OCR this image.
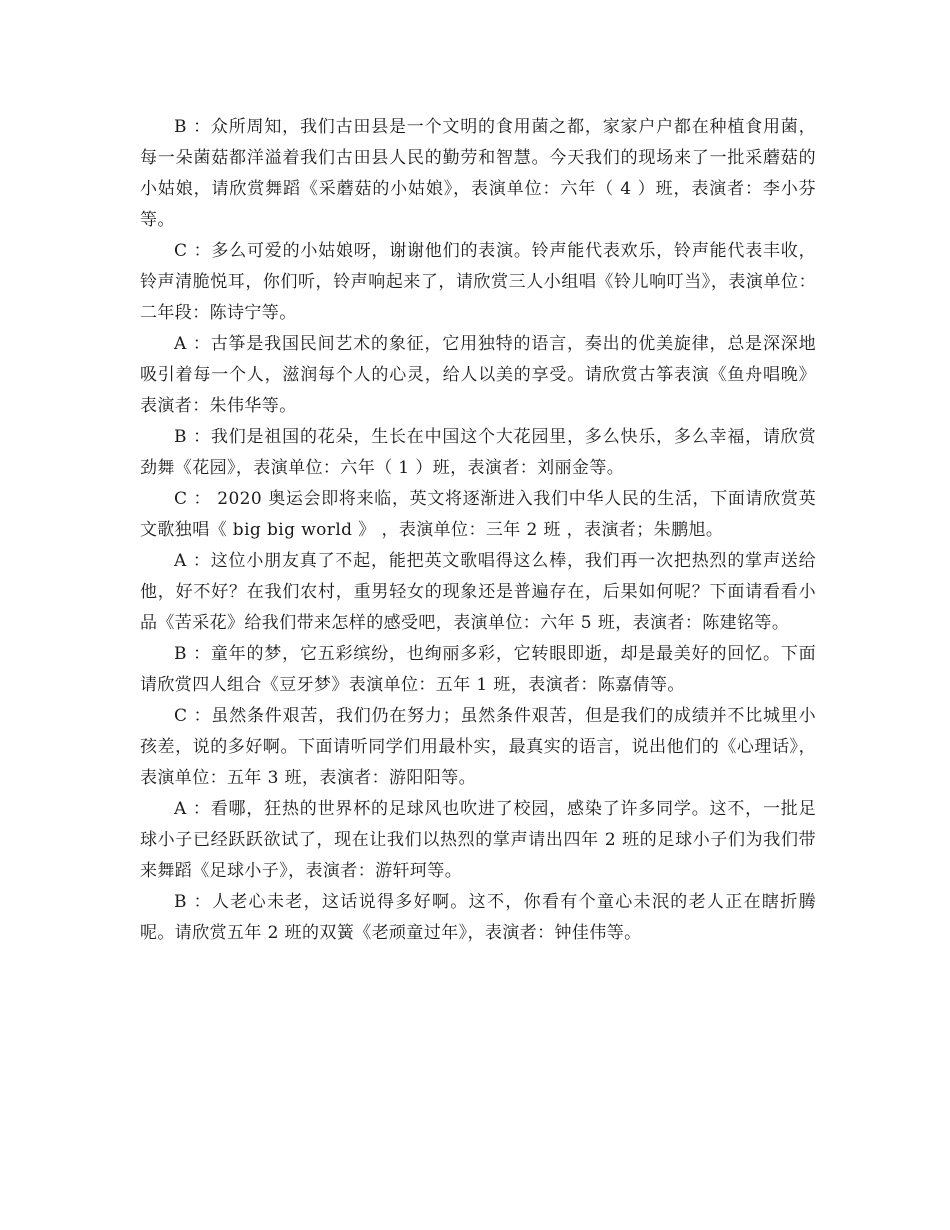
B ：众所周知，我们古田县是一个文明的食用菌之都，家家户户都在种植食用菌，每一朵菌菇都洋溢着我们古田县人民的勤劳和智慧。今天我们的现场来了一批采蘑菇的小姑娘，请欣赏舞蹈《采蘑菇的小姑娘》，表演单位：六年（ 4 ）班，表演者：李小芬等。

C ：多么可爱的小姑娘呀，谢谢他们的表演。铃声能代表欢乐，铃声能代表丰收，铃声清脆悦耳，你们听，铃声响起来了，请欣赏三人小组唱《铃儿响叮当》，表演单位：二年段：陈诗宁等。

A ：古筝是我国民间艺术的象征，它用独特的语言，奏出的优美旋律，总是深深地吸引着每一个人，滋润每个人的心灵，给人以美的享受。请欣赏古筝表演《鱼舟唱晚》 表演者：朱伟华等。

B ：我们是祖国的花朵，生长在中国这个大花园里，多么快乐，多么幸福，请欣赏劲舞《花园》，表演单位：六年（ 1 ）班，表演者：刘丽金等。

C ： 2020 奥运会即将来临，英文将逐渐进入我们中华人民的生活，下面请欣赏英文歌独唱《 big big world 》 ，表演单位：三年 2 班 ，表演者；朱鹏旭。

A ：这位小朋友真了不起，能把英文歌唱得这么棒，我们再一次把热烈的掌声送给他，好不好？在我们农村，重男轻女的现象还是普遍存在，后果如何呢？下面请看看小品《苦采花》给我们带来怎样的感受吧，表演单位：六年 5 班，表演者：陈建铭等。

B ：童年的梦，它五彩缤纷，也绚丽多彩，它转眼即逝，却是最美好的回忆。下面请欣赏四人组合《豆牙梦》表演单位：五年 1 班，表演者：陈嘉倩等。

C ：虽然条件艰苦，我们仍在努力；虽然条件艰苦，但是我们的成绩并不比城里小孩差，说的多好啊。下面请听同学们用最朴实，最真实的语言，说出他们的《心理话》，表演单位：五年 3 班，表演者：游阳阳等。

A ：看哪，狂热的世界杯的足球风也吹进了校园，感染了许多同学。这不，一批足球小子已经跃跃欲试了，现在让我们以热烈的掌声请出四年 2 班的足球小子们为我们带来舞蹈《足球小子》，表演者：游轩珂等。

B ：人老心未老，这话说得多好啊。这不，你看有个童心未泯的老人正在瞎折腾呢。请欣赏五年 2 班的双簧《老顽童过年》，表演者：钟佳伟等。
